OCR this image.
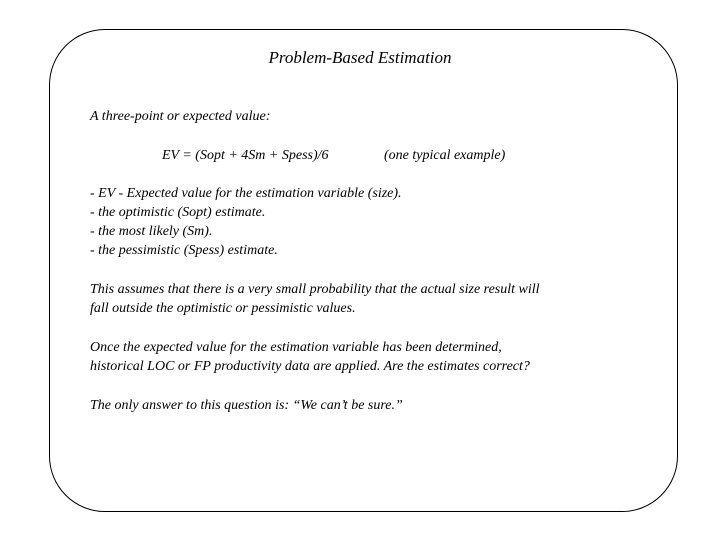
Problem-Based Estimation
A three-point or expected value:
EV = (Sopt + 4Sm + Spess)/6	(one typical example)
- EV - Expected value for the estimation variable (size).
- the optimistic (Sopt) estimate.
- the most likely (Sm).
- the pessimistic (Spess) estimate.
This assumes that there is a very small probability that the actual size result will
fall outside the optimistic or pessimistic values.
Once the expected value for the estimation variable has been determined,
historical LOC or FP productivity data are applied. Are the estimates correct?
The only answer to this question is: “We can’t be sure.”
